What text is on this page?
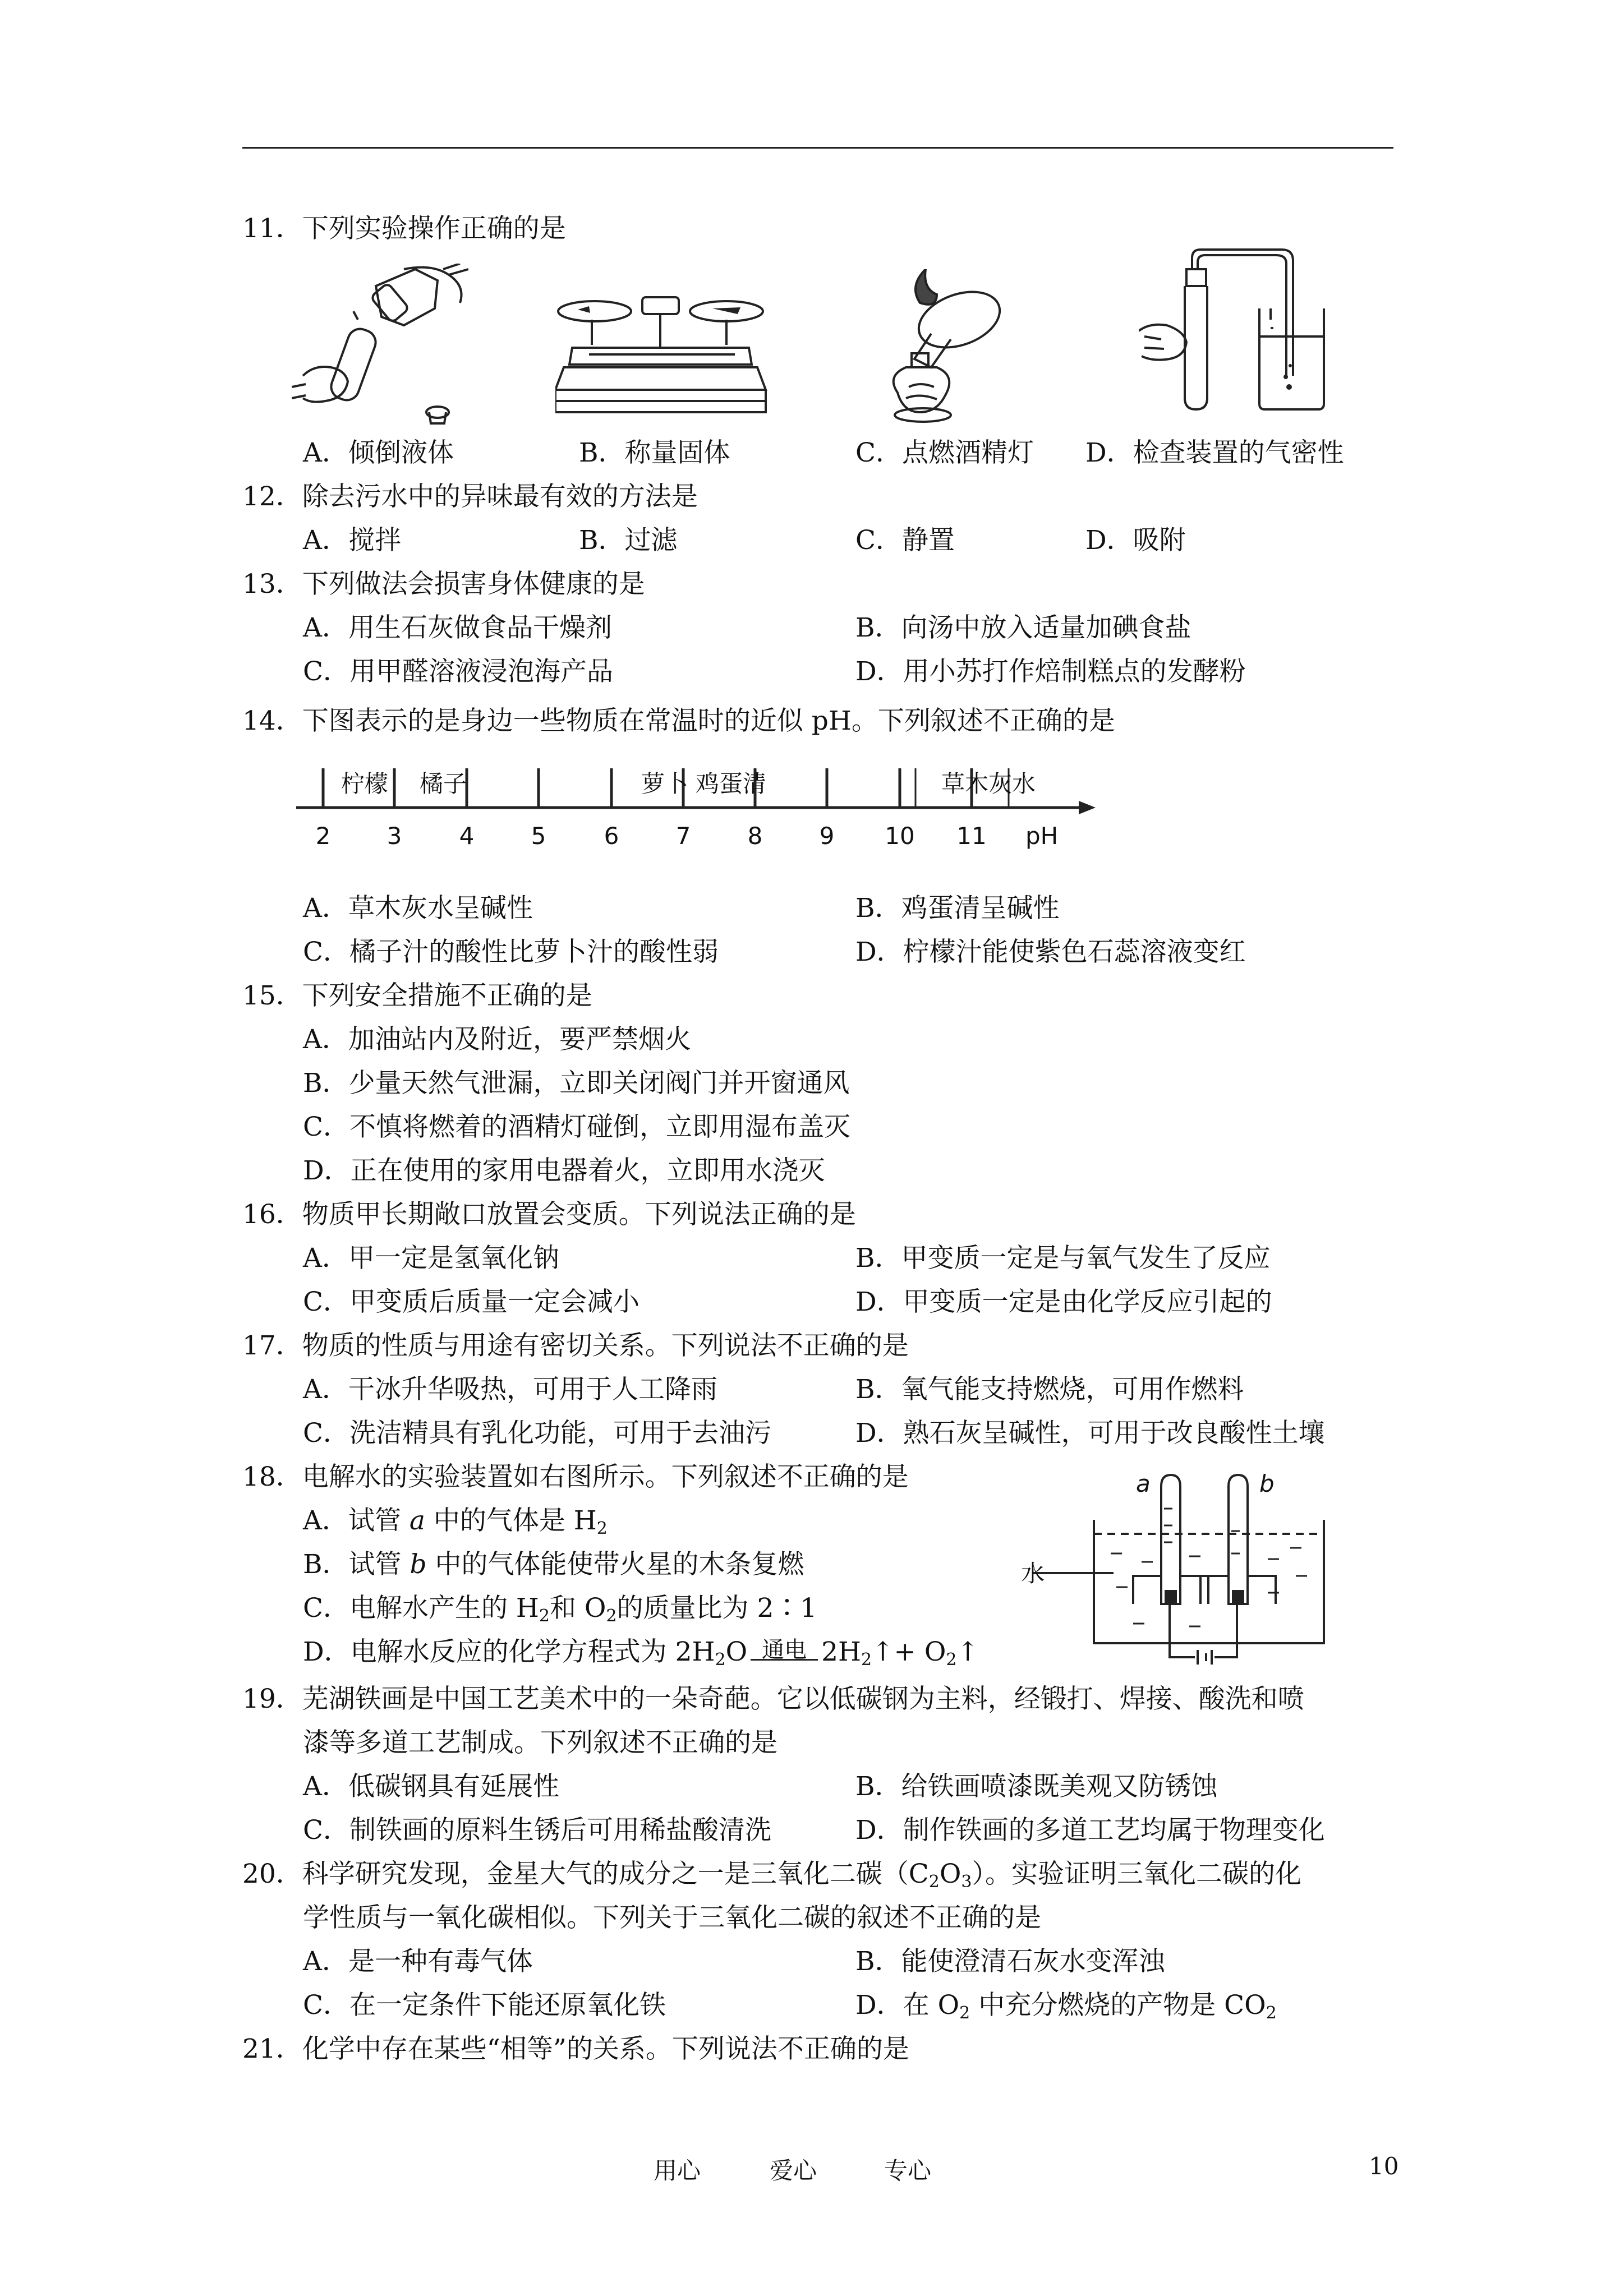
11．下列实验操作正确的是
A．倾倒液体	B．称量固体	C．点燃酒精灯 D．检查装置的气密性
12．除去污水中的异味最有效的方法是
A．搅拌	B．过滤	C．静置	D．吸附
13．下列做法会损害身体健康的是
A．用生石灰做食品干燥剂	B．向汤中放入适量加碘食盐
C．用甲醛溶液浸泡海产品	D．用小苏打作焙制糕点的发酵粉
14．下图表示的是身边一些物质在常温时的近似 pH。下列叙述不正确的是
柠檬 橘子	萝卜 鸡蛋清	草木灰水
2 3 4 5 6 7 8 9 10 11 pH
A．草木灰水呈碱性	B．鸡蛋清呈碱性
C．橘子汁的酸性比萝卜汁的酸性弱	D．柠檬汁能使紫色石蕊溶液变红
15．下列安全措施不正确的是
A．加油站内及附近，要严禁烟火
B．少量天然气泄漏，立即关闭阀门并开窗通风
C．不慎将燃着的酒精灯碰倒，立即用湿布盖灭
D．正在使用的家用电器着火，立即用水浇灭
16．物质甲长期敞口放置会变质。下列说法正确的是
A．甲一定是氢氧化钠	B．甲变质一定是与氧气发生了反应
C．甲变质后质量一定会减小	D．甲变质一定是由化学反应引起的
17．物质的性质与用途有密切关系。下列说法不正确的是
A．干冰升华吸热，可用于人工降雨	B．氧气能支持燃烧，可用作燃料
C．洗洁精具有乳化功能，可用于去油污	D．熟石灰呈碱性，可用于改良酸性土壤
18．电解水的实验装置如右图所示。下列叙述不正确的是
A．试管 a 中的气体是 H2
B．试管 b 中的气体能使带火星的木条复燃
C．电解水产生的 H2和 O2的质量比为 2∶1
D．电解水反应的化学方程式为 2H2O 通电 2H2↑+ O2↑
a	b
水
19．芜湖铁画是中国工艺美术中的一朵奇葩。它以低碳钢为主料，经锻打、焊接、酸洗和喷
漆等多道工艺制成。下列叙述不正确的是
A．低碳钢具有延展性	B．给铁画喷漆既美观又防锈蚀
C．制铁画的原料生锈后可用稀盐酸清洗	D．制作铁画的多道工艺均属于物理变化
20．科学研究发现，金星大气的成分之一是三氧化二碳（C2O3）。实验证明三氧化二碳的化
学性质与一氧化碳相似。下列关于三氧化二碳的叙述不正确的是
A．是一种有毒气体	B．能使澄清石灰水变浑浊
C．在一定条件下能还原氧化铁	D．在 O2 中充分燃烧的产物是 CO2
21．化学中存在某些“相等”的关系。下列说法不正确的是
用心	爱心	专心	10
